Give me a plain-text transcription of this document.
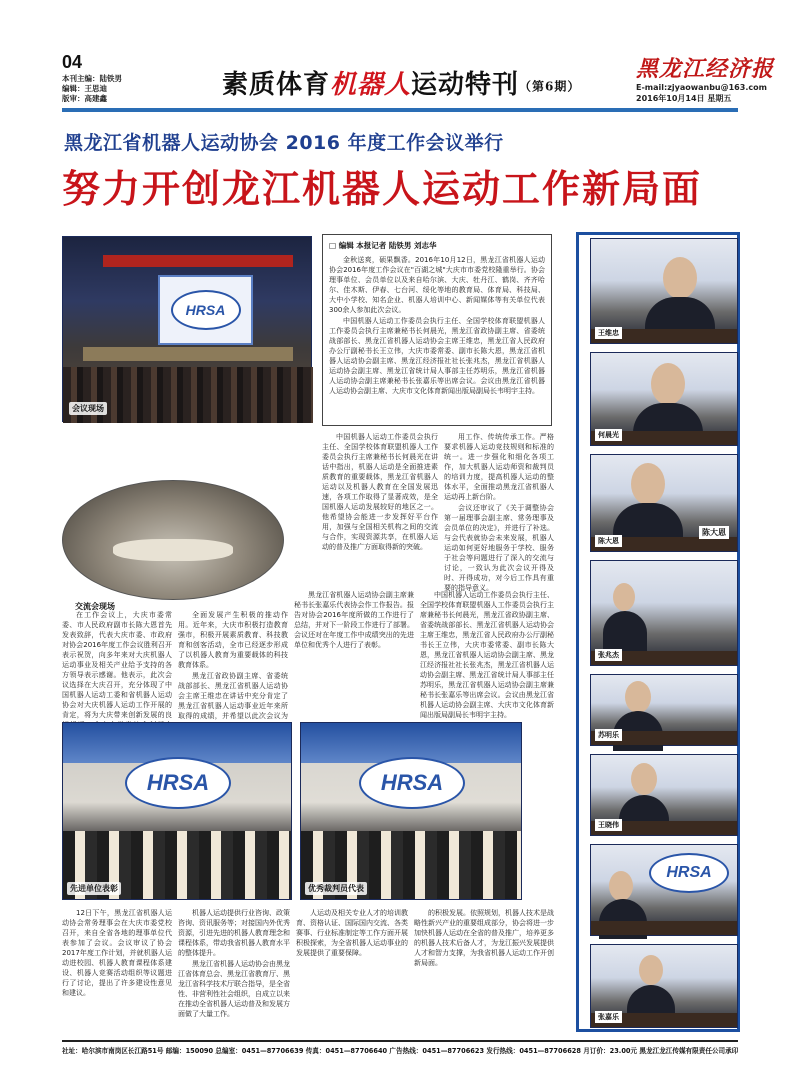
04
本刊主编：陆铁男
编辑：王思迪
版审：高建鑫	素质体育机器人运动特刊（第6期）
黑龙江经济报
E-mail:zjyaowanbu@163.com
2016年10月14日 星期五
黑龙江省机器人运动协会 2016 年度工作会议举行
努力开创龙江机器人运动工作新局面
HRSA
会议现场
□ 编辑 本报记者 陆铁男 刘志华

金秋送爽，硕果飘香。2016年10月12日，黑龙江省机器人运动协会2016年度工作会议在"百湖之城"大庆市市委党校隆重举行。协会理事单位、会员单位以及来自哈尔滨、大庆、牡丹江、鹤岗、齐齐哈尔、佳木斯、伊春、七台河、绥化等地的教育局、体育局、科技局、大中小学校、知名企业、机器人培训中心、新闻媒体等有关单位代表300余人参加此次会议。

中国机器人运动工作委员会执行主任、全国学校体育联盟机器人工作委员会执行主席兼秘书长何晨光，黑龙江省政协副主席、省委统战部部长、黑龙江省机器人运动协会主席王维忠，黑龙江省人民政府办公厅副秘书长王立伟，大庆市委常委、副市长陈大恩，黑龙江省机器人运动协会副主席、黑龙江经济报社社长张兆杰，黑龙江省机器人运动协会副主席、黑龙江省统计局人事部主任苏明乐，黑龙江省机器人运动协会副主席兼秘书长张嘉乐等出席会议。会议由黑龙江省机器人运动协会副主席、大庆市文化体育新闻出版局副局长韦明宇主持。

交流会现场

中国机器人运动工作委员会执行主任、全国学校体育联盟机器人工作委员会执行主席兼秘书长何晨光在讲话中指出，机器人运动是全面推进素质教育的重要载体，黑龙江省机器人运动以及机器人教育在全国发展迅速，各项工作取得了显著成效，是全国机器人运动发展较好的地区之一。他希望协会能进一步发挥好平台作用，加强与全国相关机构之间的交流与合作，实现资源共享，在机器人运动的普及推广方面取得新的突破。

用工作、传统传承工作。严格要求机器人运动竞技规则和标准的统一。进一步强化和细化各项工作，加大机器人运动师资和裁判员的培训力度，提高机器人运动的整体水平，全面推动黑龙江省机器人运动再上新台阶。

会议还审议了《关于调整协会第一届理事会副主席、常务理事及会员单位的决定》，并进行了补选。与会代表就协会未来发展，机器人运动如何更好地服务于学校、服务于社会等问题进行了深入的交流与讨论，一致认为此次会议开得及时、开得成功，对今后工作具有重要的指导意义。

在工作会议上，大庆市委常委、市人民政府副市长陈大恩首先发表致辞，代表大庆市委、市政府对协会2016年度工作会议胜利召开表示祝贺，向多年来对大庆机器人运动事业及相关产业给予支持的各方领导表示感谢。他表示，此次会议选择在大庆召开，充分体现了中国机器人运动工委和省机器人运动协会对大庆机器人运动工作开展的肯定，将为大庆带来创新发展的良

全面发展产生积极的推动作用。近年来，大庆市积极打造教育强市，积极开展素质教育、科技教育和创客活动，全市已经逐步形成了以机器人教育为重要载体的科技教育体系。

黑龙江省政协副主席、省委统战部部长、黑龙江省机器人运动协会主席王维忠在讲话中充分肯定了黑龙江省机器人运动事业近年来所取得的成绩，并希望以此次会议为

黑龙江省机器人运动协会副主席兼秘书长张嘉乐代表协会作工作报告。报告对协会2016年度所做的工作进行了总结，并对下一阶段工作进行了部署。会议还对在年度工作中成绩突出的先进单位和优秀个人进行了表彰。

中国机器人运动工作委员会执行主任、全国学校体育联盟机器人工作委员会执行主席兼秘书长何晨光，黑龙江省政协副主席、省委统战部部长、黑龙江省机器人运动协会主席王维忠，黑龙江省人民政府办公厅副秘书长王立伟，大庆市委常委、副市长陈大恩，黑龙江省机器人运动协会副主席、黑龙江经济报社社长张兆杰，黑龙江省机器人运动协会副主席、黑龙江省统计局人事部主任苏明乐，黑龙江省机器人运动协会副主席兼秘书长张嘉乐等出席会议。会议由黑龙江省机器人运动协会副主席、大庆市文化体育新闻出版局副局长韦明宇主持。

HRSA
先进单位表彰
HRSA
优秀裁判员代表

12日下午，黑龙江省机器人运动协会常务理事会在大庆市委党校召开，来自全省各地的理事单位代表参加了会议。会议审议了协会2017年度工作计划，并就机器人运动进校园、机器人教育课程体系建设、机器人竞赛活动组织等议题进行了讨论，提出了许多建设性意见和建议。

机器人运动提供行业咨询、政策咨询、资讯服务等；对接国内外优秀资源，引进先进的机器人教育理念和课程体系，带动我省机器人教育水平的整体提升。

黑龙江省机器人运动协会由黑龙江省体育总会、黑龙江省教育厅、黑龙江省科学技术厅联合指导，是全省性、非营利性社会组织，自成立以来在推动全省机器人运动普及和发展方面做了大量工作。

人运动及相关专业人才的培训教育、资格认证、国际国内交流、各类赛事、行业标准制定等工作方面开展积极探索，为全省机器人运动事业的发展提供了重要保障。

的积极发展。依照规划，机器人技术是战略性新兴产业的重要组成部分，协会将进一步加快机器人运动在全省的普及推广，培养更多的机器人技术后备人才，为龙江振兴发展提供人才和智力支撑，为我省机器人运动工作开创新局面。

王维忠
何晨光
陈大恩
陈大恩
张兆杰
苏明乐
王晓伟
HRSA
张嘉乐
社址：哈尔滨市南岗区长江路51号 邮编：150090 总编室：0451—87706639 传真：0451—87706640 广告热线：0451—87706623 发行热线：0451—87706628 月订价：23.00元 黑龙江龙江传媒有限责任公司承印
